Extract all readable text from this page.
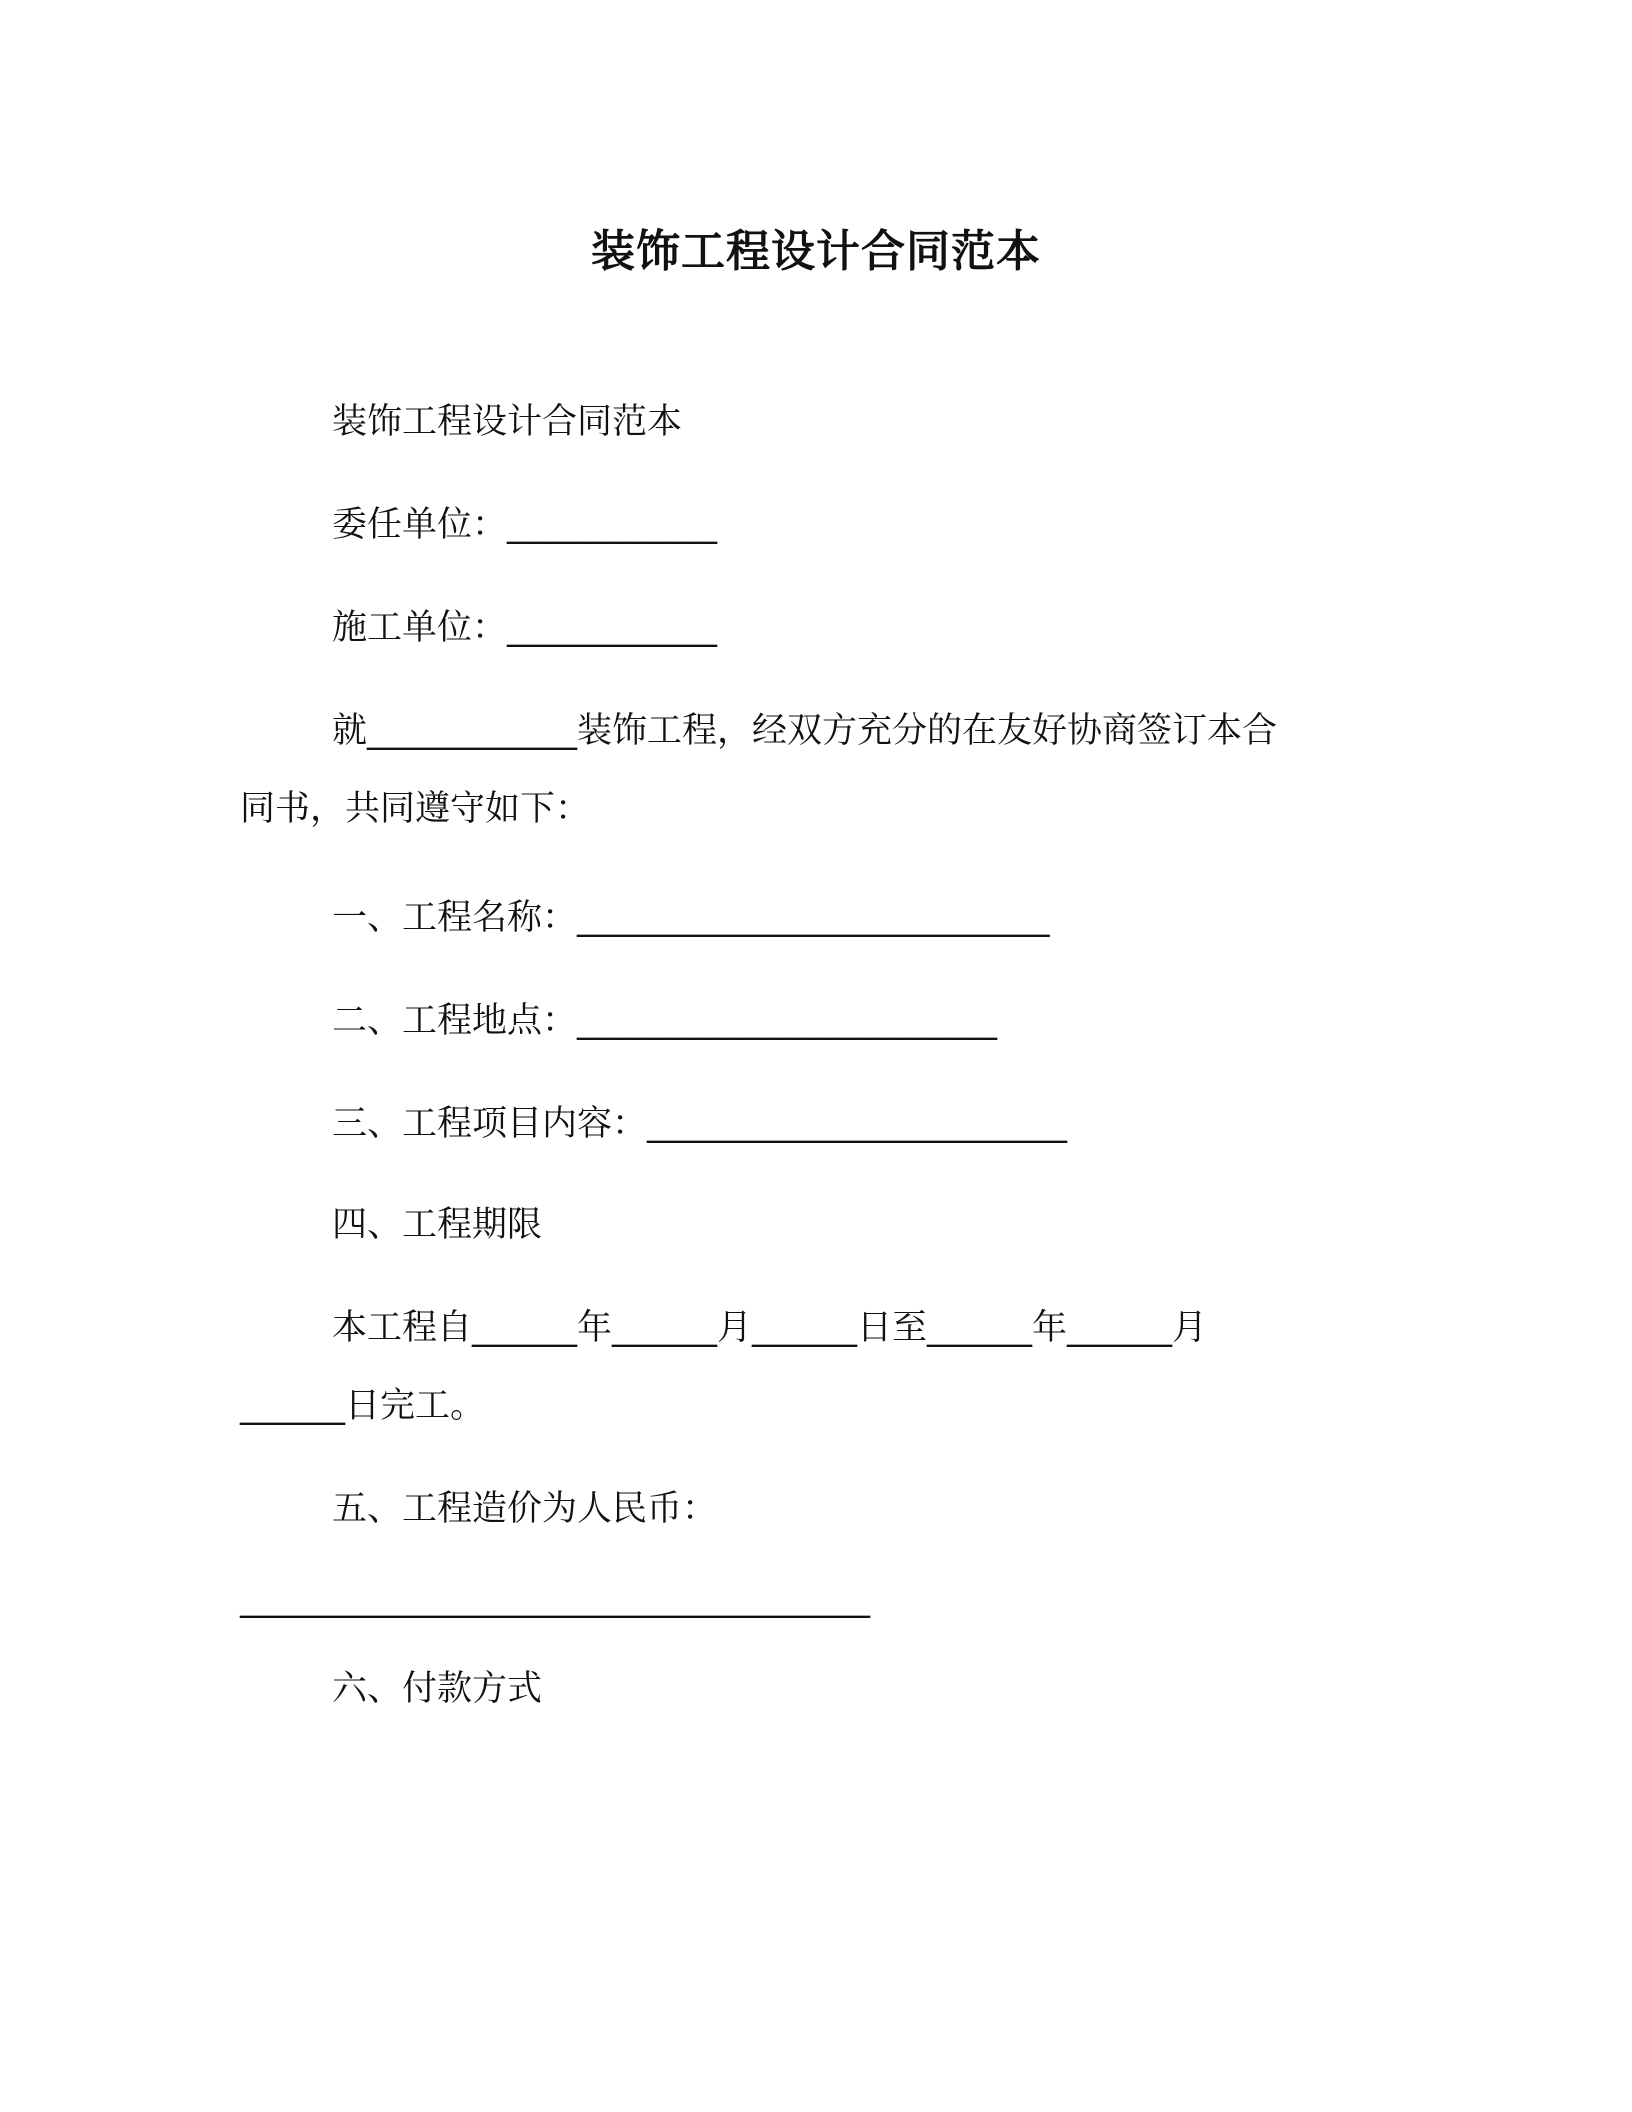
装饰工程设计合同范本
装饰工程设计合同范本
委任单位：____________
施工单位：____________
就____________装饰工程，经双方充分的在友好协商签订本合
同书，共同遵守如下：
一、工程名称：___________________________
二、工程地点：________________________
三、工程项目内容：________________________
四、工程期限
本工程自______年______月______日至______年______月
______日完工。
五、工程造价为人民币：
____________________________________
六、付款方式
